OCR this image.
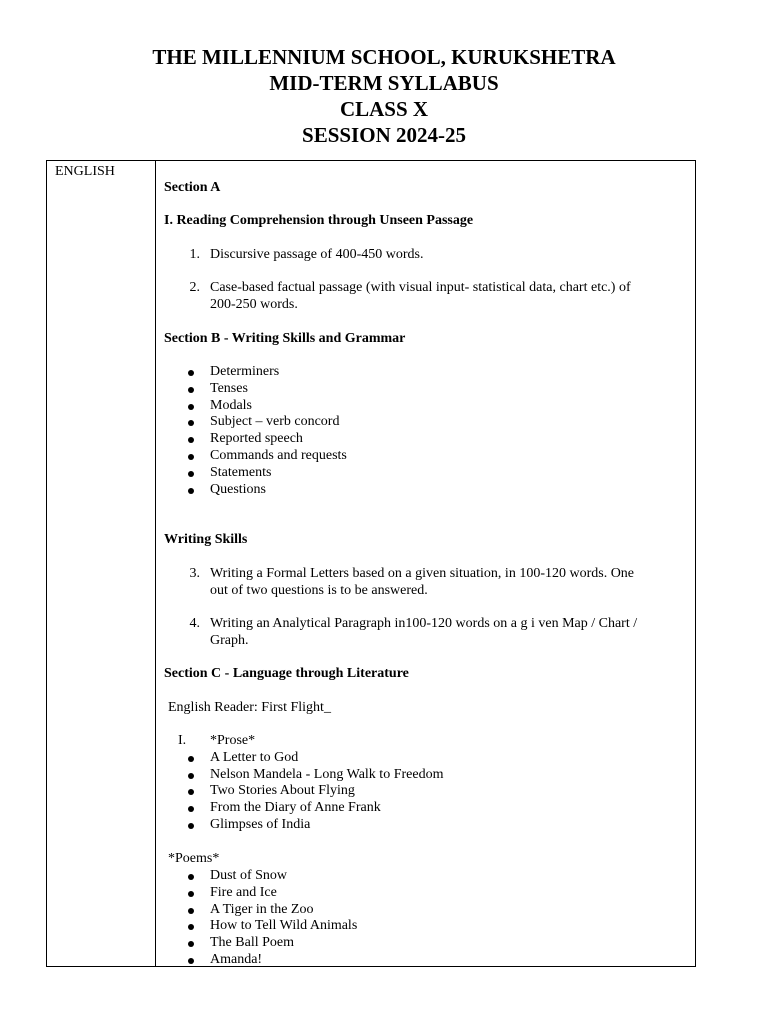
THE MILLENNIUM SCHOOL, KURUKSHETRA
MID-TERM SYLLABUS
CLASS X
SESSION 2024-25
ENGLISH
Section A
I. Reading Comprehension through Unseen Passage
1. Discursive passage of 400-450 words.
2. Case-based factual passage (with visual input- statistical data, chart etc.) of
200-250 words.
Section B - Writing Skills and Grammar
Determiners
Tenses
Modals
Subject – verb concord
Reported speech
Commands and requests
Statements
Questions
Writing Skills
3. Writing a Formal Letters based on a given situation, in 100-120 words. One
out of two questions is to be answered.
4. Writing an Analytical Paragraph in100-120 words on a g i ven Map / Chart /
Graph.
Section C - Language through Literature
English Reader: First Flight_
I. *Prose*
A Letter to God
Nelson Mandela - Long Walk to Freedom
Two Stories About Flying
From the Diary of Anne Frank
Glimpses of India
*Poems*
Dust of Snow
Fire and Ice
A Tiger in the Zoo
How to Tell Wild Animals
The Ball Poem
Amanda!
